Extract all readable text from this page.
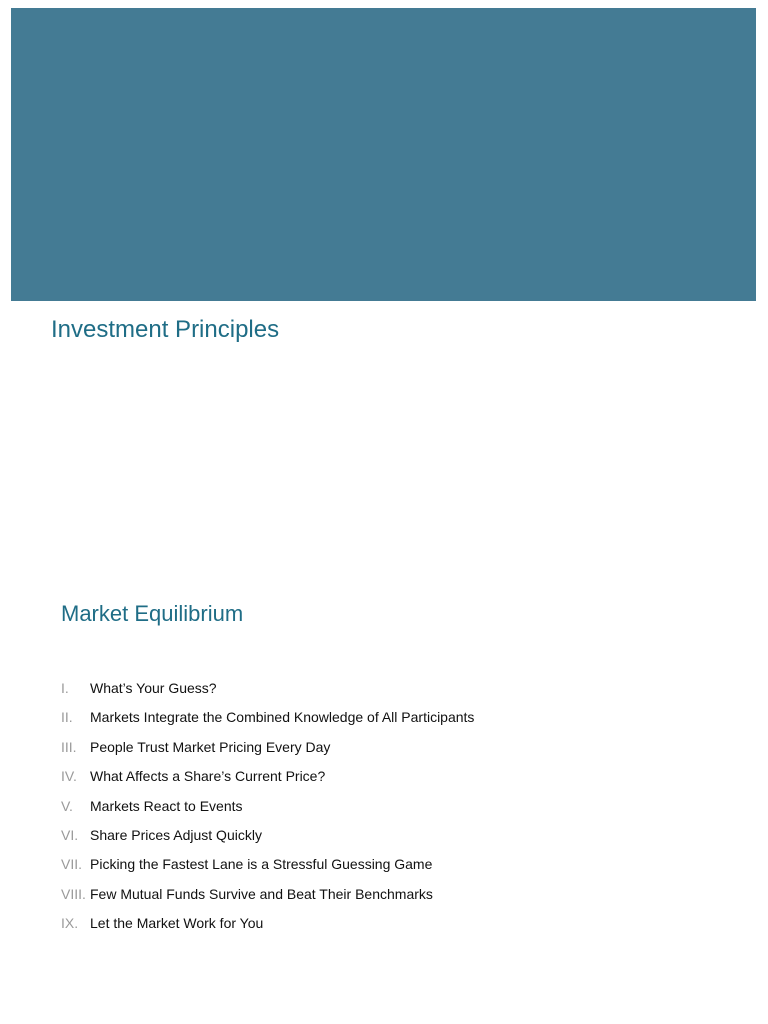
Investment Principles
Market Equilibrium
I. What’s Your Guess?
II. Markets Integrate the Combined Knowledge of All Participants
III. People Trust Market Pricing Every Day
IV. What Affects a Share’s Current Price?
V. Markets React to Events
VI. Share Prices Adjust Quickly
VII. Picking the Fastest Lane is a Stressful Guessing Game
VIII. Few Mutual Funds Survive and Beat Their Benchmarks
IX. Let the Market Work for You
